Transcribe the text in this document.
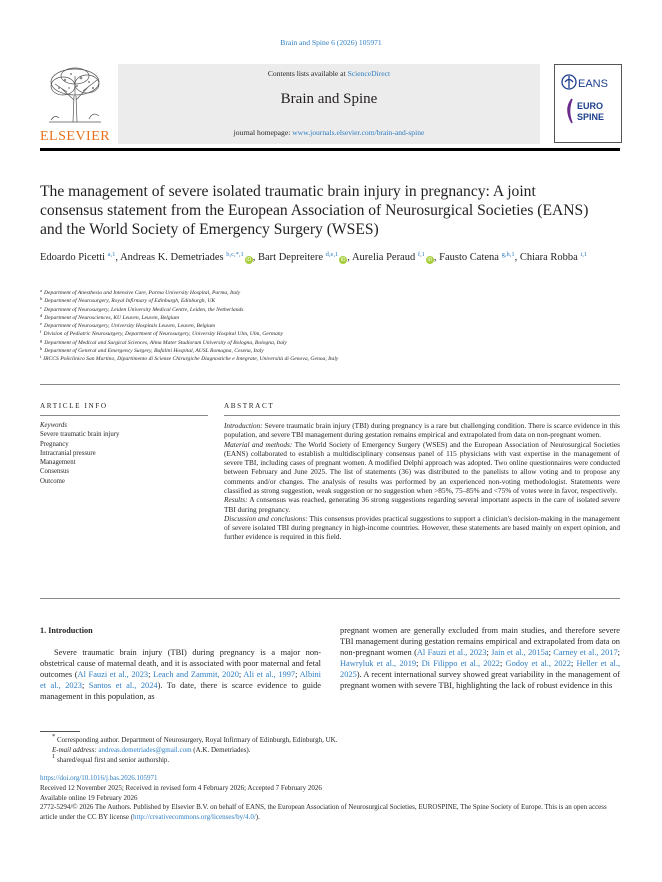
Brain and Spine 6 (2026) 105971
ELSEVIER
Contents lists available at ScienceDirect
Brain and Spine
journal homepage: www.journals.elsevier.com/brain-and-spine
EANS
EURO
SPINE
The management of severe isolated traumatic brain injury in pregnancy: A joint consensus statement from the European Association of Neurosurgical Societies (EANS) and the World Society of Emergency Surgery (WSES)
Edoardo Picetti $^{a,1}$, Andreas K. Demetriades $^{b,c,*,1}$iD , Bart Depreitere $^{d,e,1}$iD , Aurelia Peraud $^{f,1}$iD , Fausto Catena $^{g,h,1}$, Chiara Robba $^{i,1}$
$^a$ Department of Anesthesia and Intensive Care, Parma University Hospital, Parma, Italy
$^b$ Department of Neurosurgery, Royal Infirmary of Edinburgh, Edinburgh, UK
$^c$ Department of Neurosurgery, Leiden University Medical Centre, Leiden, the Netherlands
$^d$ Department of Neurosciences, KU Leuven, Leuven, Belgium
$^e$ Department of Neurosurgery, University Hospitals Leuven, Leuven, Belgium
$^f$ Division of Pediatric Neurosurgery, Department of Neurosurgery, University Hospital Ulm, Ulm, Germany
$^g$ Department of Medical and Surgical Sciences, Alma Mater Studiorum University of Bologna, Bologna, Italy
$^h$ Department of General and Emergency Surgery, Bufalini Hospital, AUSL Romagna, Cesena, Italy
$^i$ IRCCS Policlinico San Martino, Dipartimento di Scienze Chirurgiche Diagnostiche e Integrate, Università di Genova, Genoa, Italy
ARTICLE INFO	ABSTRACT
Keywords
Severe traumatic brain injury
Pregnancy
Intracranial pressure
Management
Consensus
Outcome

Introduction: Severe traumatic brain injury (TBI) during pregnancy is a rare but challenging condition. There is scarce evidence in this population, and severe TBI management during gestation remains empirical and extrapolated from data on non-pregnant women.

Material and methods: The World Society of Emergency Surgery (WSES) and the European Association of Neurosurgical Societies (EANS) collaborated to establish a multidisciplinary consensus panel of 115 physicians with vast expertise in the management of severe TBI, including cases of pregnant women. A modified Delphi approach was adopted. Two online questionnaires were conducted between February and June 2025. The list of statements (36) was distributed to the panelists to allow voting and to propose any comments and/or changes. The analysis of results was performed by an experienced non-voting methodologist. Statements were classified as strong suggestion, weak suggestion or no suggestion when >85%, 75–85% and <75% of votes were in favor, respectively.

Results: A consensus was reached, generating 36 strong suggestions regarding several important aspects in the care of isolated severe TBI during pregnancy.

Discussion and conclusions: This consensus provides practical suggestions to support a clinician's decision-making in the management of severe isolated TBI during pregnancy in high-income countries. However, these statements are based mainly on expert opinion, and further evidence is required in this field.

1. Introduction

Severe traumatic brain injury (TBI) during pregnancy is a major non-obstetrical cause of maternal death, and it is associated with poor maternal and fetal outcomes (Al Fauzi et al., 2023; Leach and Zammit, 2020; Ali et al., 1997; Albini et al., 2023; Santos et al., 2024). To date, there is scarce evidence to guide management in this population, as

pregnant women are generally excluded from main studies, and therefore severe TBI management during gestation remains empirical and extrapolated from data on non-pregnant women (Al Fauzi et al., 2023; Jain et al., 2015a; Carney et al., 2017; Hawryluk et al., 2019; Di Filippo et al., 2022; Godoy et al., 2022; Heller et al., 2025). A recent international survey showed great variability in the management of pregnant women with severe TBI, highlighting the lack of robust evidence in this

* Corresponding author. Department of Neurosurgery, Royal Infirmary of Edinburgh, Edinburgh, UK.
E-mail address: andreas.demetriades@gmail.com (A.K. Demetriades).
$^1$ shared/equal first and senior authorship.
https://doi.org/10.1016/j.bas.2026.105971
Received 12 November 2025; Received in revised form 4 February 2026; Accepted 7 February 2026
Available online 19 February 2026
2772-5294/© 2026 The Authors. Published by Elsevier B.V. on behalf of EANS, the European Association of Neurosurgical Societies, EUROSPINE, The Spine Society of Europe. This is an open access article under the CC BY license (http://creativecommons.org/licenses/by/4.0/).
